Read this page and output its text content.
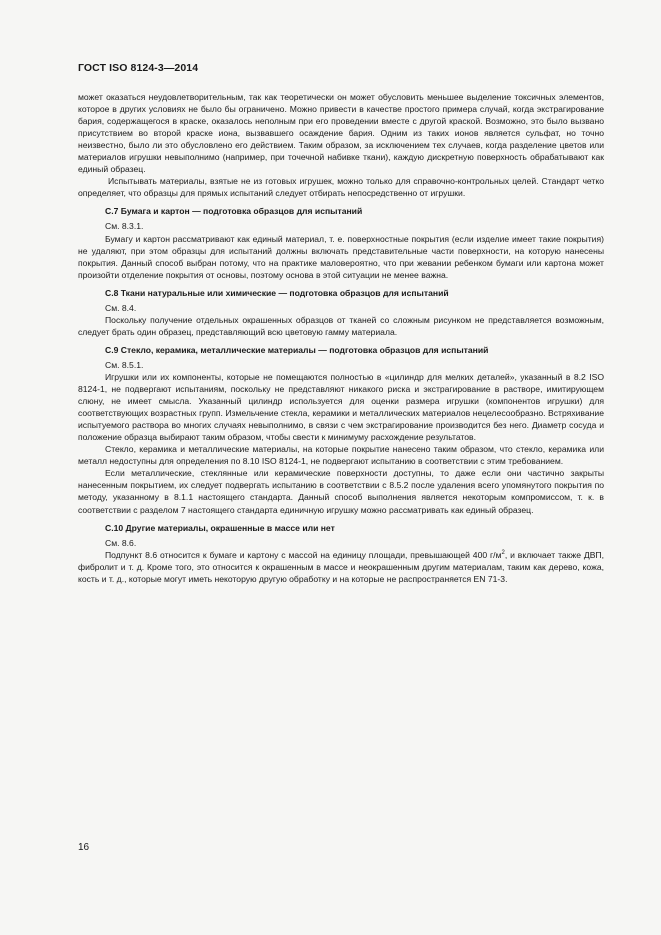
ГОСТ ISO 8124-3—2014

может оказаться неудовлетворительным, так как теоретически он может обусловить меньшее выделение токсичных элементов, которое в других условиях не было бы ограничено. Можно привести в качестве простого примера случай, когда экстрагирование бария, содержащегося в краске, оказалось неполным при его проведении вместе с другой краской. Возможно, это было вызвано присутствием во второй краске иона, вызвавшего осаждение бария. Одним из таких ионов является сульфат, но точно неизвестно, было ли это обусловлено его действием. Таким образом, за исключением тех случаев, когда разделение цветов или материалов игрушки невыполнимо (например, при точечной набивке ткани), каждую дискретную поверхность обрабатывают как единый образец.

Испытывать материалы, взятые не из готовых игрушек, можно только для справочно-контрольных целей. Стандарт четко определяет, что образцы для прямых испытаний следует отбирать непосредственно от игрушки.

С.7 Бумага и картон — подготовка образцов для испытаний

См. 8.3.1.

Бумагу и картон рассматривают как единый материал, т. е. поверхностные покрытия (если изделие имеет такие покрытия) не удаляют, при этом образцы для испытаний должны включать представительные части поверхности, на которую нанесены покрытия. Данный способ выбран потому, что на практике маловероятно, что при жевании ребенком бумаги или картона может произойти отделение покрытия от основы, поэтому основа в этой ситуации не менее важна.

С.8 Ткани натуральные или химические — подготовка образцов для испытаний

См. 8.4.

Поскольку получение отдельных окрашенных образцов от тканей со сложным рисунком не представляется возможным, следует брать один образец, представляющий всю цветовую гамму материала.

С.9 Стекло, керамика, металлические материалы — подготовка образцов для испытаний

См. 8.5.1.

Игрушки или их компоненты, которые не помещаются полностью в «цилиндр для мелких деталей», указанный в 8.2 ISO 8124-1, не подвергают испытаниям, поскольку не представляют никакого риска и экстрагирование в растворе, имитирующем слюну, не имеет смысла. Указанный цилиндр используется для оценки размера игрушки (компонентов игрушки) для соответствующих возрастных групп. Измельчение стекла, керамики и металлических материалов нецелесообразно. Встряхивание испытуемого раствора во многих случаях невыполнимо, в связи с чем экстрагирование производится без него. Диаметр сосуда и положение образца выбирают таким образом, чтобы свести к минимуму расхождение результатов.

Стекло, керамика и металлические материалы, на которые покрытие нанесено таким образом, что стекло, керамика или металл недоступны для определения по 8.10 ISO 8124-1, не подвергают испытанию в соответствии с этим требованием.

Если металлические, стеклянные или керамические поверхности доступны, то даже если они частично закрыты нанесенным покрытием, их следует подвергать испытанию в соответствии с 8.5.2 после удаления всего упомянутого покрытия по методу, указанному в 8.1.1 настоящего стандарта. Данный способ выполнения является некоторым компромиссом, т. к. в соответствии с разделом 7 настоящего стандарта единичную игрушку можно рассматривать как единый образец.

С.10 Другие материалы, окрашенные в массе или нет

См. 8.6.

Подпункт 8.6 относится к бумаге и картону с массой на единицу площади, превышающей 400 $г/м^2$, и включает также ДВП, фибролит и т. д. Кроме того, это относится к окрашенным в массе и неокрашенным другим материалам, таким как дерево, кожа, кость и т. д., которые могут иметь некоторую другую обработку и на которые не распространяется EN 71-3.

16
